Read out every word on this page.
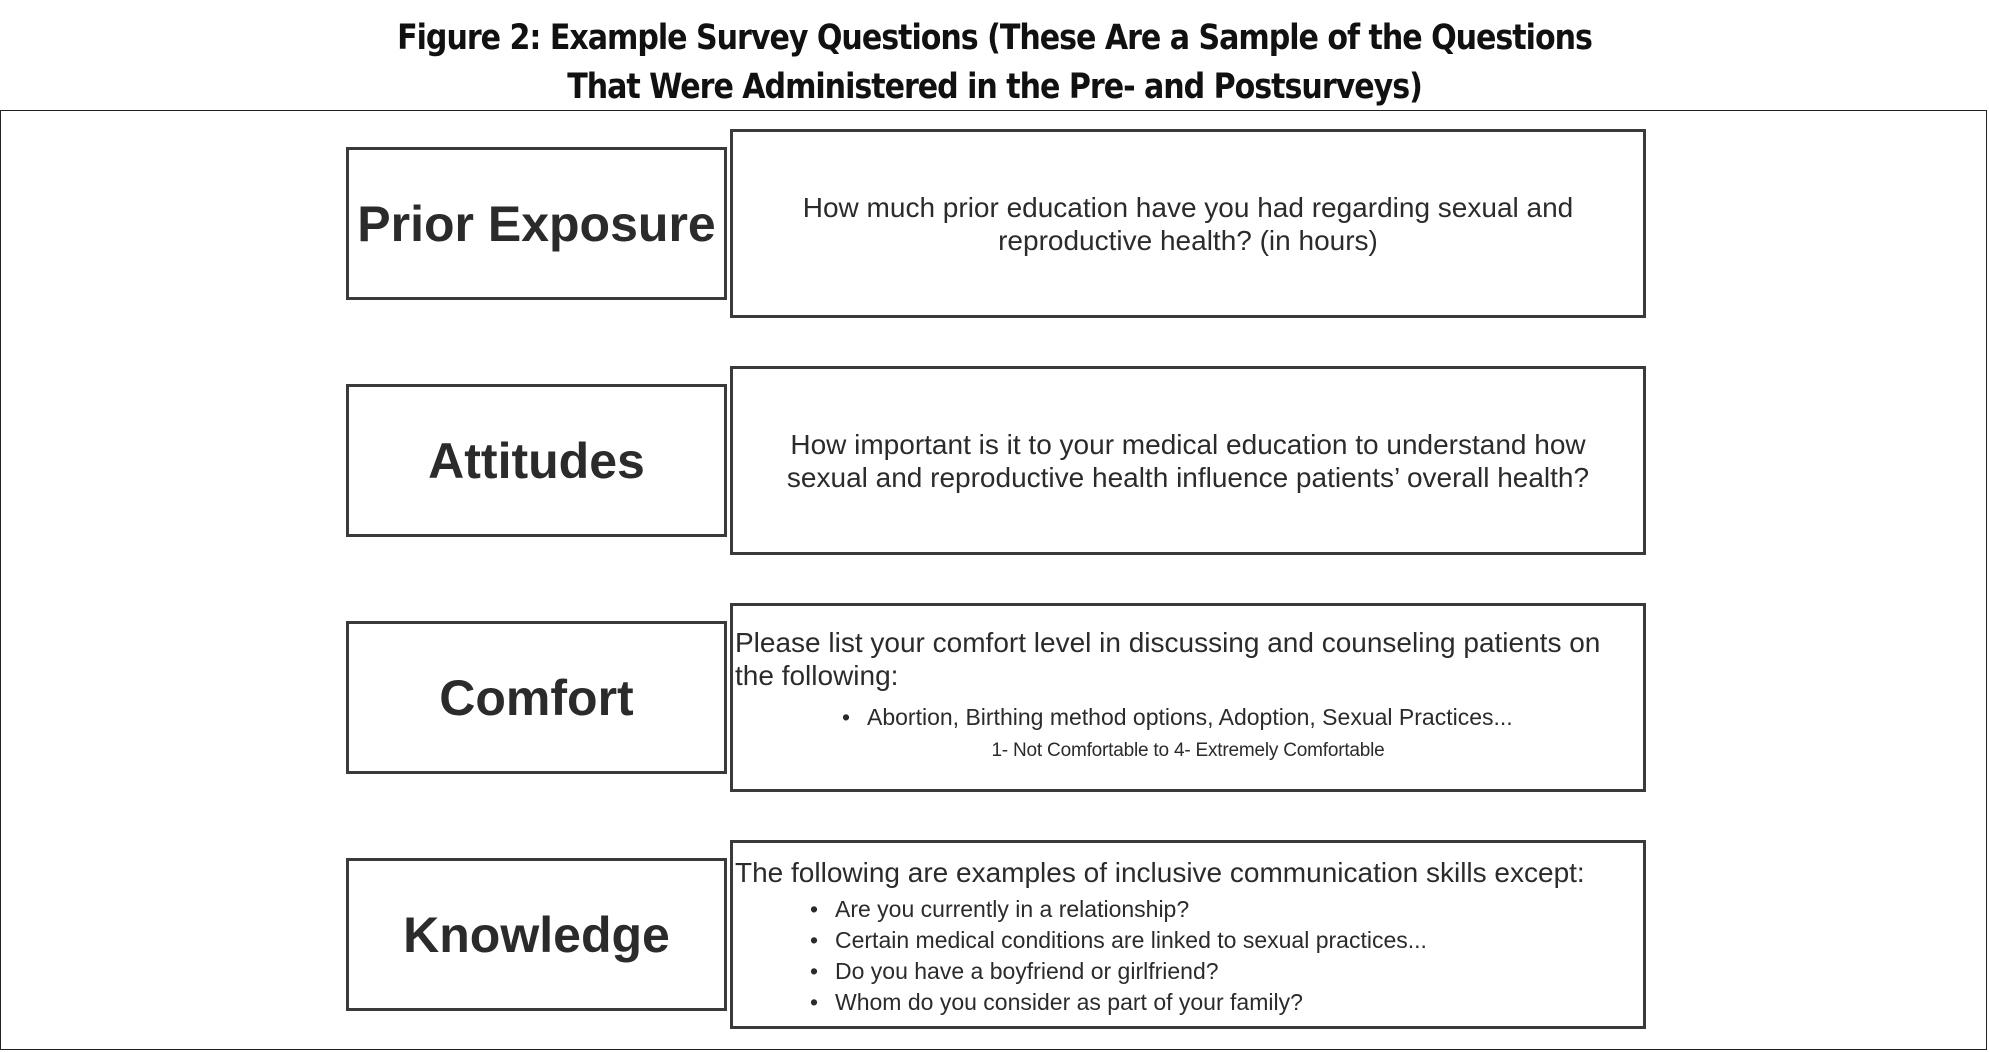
Figure 2: Example Survey Questions (These Are a Sample of the Questions
That Were Administered in the Pre- and Postsurveys)
Prior Exposure	How much prior education have you had regarding sexual and reproductive health? (in hours)
Attitudes	How important is it to your medical education to understand how sexual and reproductive health influence patients’ overall health?
Comfort
Please list your comfort level in discussing and counseling patients on the following:
• Abortion, Birthing method options, Adoption, Sexual Practices...
1- Not Comfortable to 4- Extremely Comfortable
Knowledge
The following are examples of inclusive communication skills except:
• Are you currently in a relationship?
• Certain medical conditions are linked to sexual practices...
• Do you have a boyfriend or girlfriend?
• Whom do you consider as part of your family?
